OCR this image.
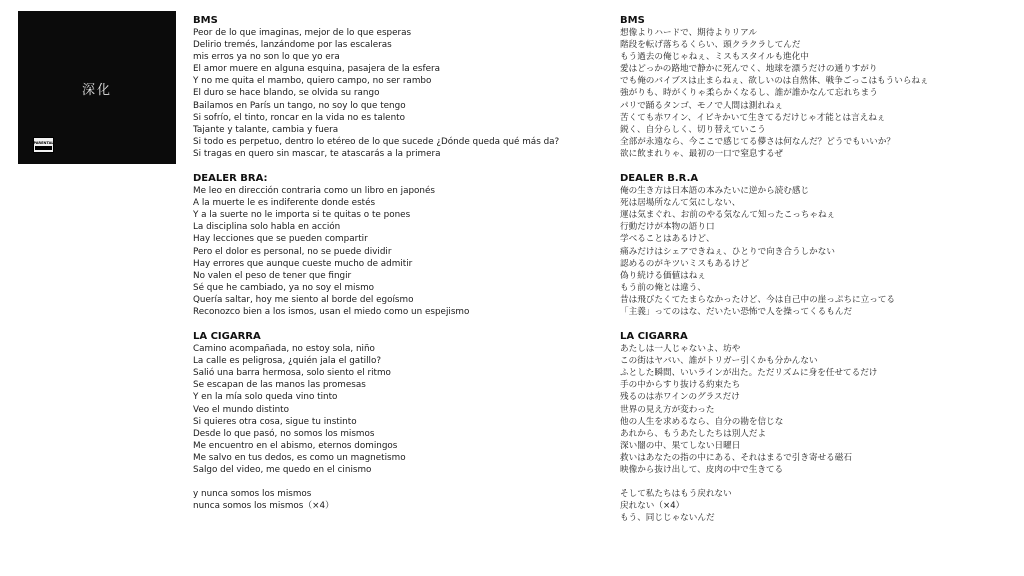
深化
PARENTAL
BMS
Peor de lo que imaginas, mejor de lo que esperas
Delirio tremés, lanzándome por las escaleras
mis erros ya no son lo que yo era
El amor muere en alguna esquina, pasajera de la esfera
Y no me quita el mambo, quiero campo, no ser rambo
El duro se hace blando, se olvida su rango
Bailamos en París un tango, no soy lo que tengo
Si sofrío, el tinto, roncar en la vida no es talento
Tajante y talante, cambia y fuera
Si todo es perpetuo, dentro lo etéreo de lo que sucede ¿Dónde queda qué más da?
Si tragas en quero sin mascar, te atascarás a la primera
DEALER BRA:
Me leo en dirección contraria como un libro en japonés
A la muerte le es indiferente donde estés
Y a la suerte no le importa si te quitas o te pones
La disciplina solo habla en acción
Hay lecciones que se pueden compartir
Pero el dolor es personal, no se puede dividir
Hay errores que aunque cueste mucho de admitir
No valen el peso de tener que fingir
Sé que he cambiado, ya no soy el mismo
Quería saltar, hoy me siento al borde del egoísmo
Reconozco bien a los ismos, usan el miedo como un espejismo
LA CIGARRA
Camino acompañada, no estoy sola, niño
La calle es peligrosa, ¿quién jala el gatillo?
Salió una barra hermosa, solo siento el ritmo
Se escapan de las manos las promesas
Y en la mía solo queda vino tinto
Veo el mundo distinto
Si quieres otra cosa, sigue tu instinto
Desde lo que pasó, no somos los mismos
Me encuentro en el abismo, eternos domingos
Me salvo en tus dedos, es como un magnetismo
Salgo del video, me quedo en el cinismo
y nunca somos los mismos
nunca somos los mismos（×4）
BMS
想像よりハードで、期待よりリアル
階段を転げ落ちるくらい、頭クラクラしてんだ
もう過去の俺じゃねぇ、ミスもスタイルも進化中
愛はどっかの路地で静かに死んでく、地球を漂うだけの通りすがり
でも俺のバイブスは止まらねぇ、欲しいのは自然体、戦争ごっこはもういらねぇ
強がりも、時がくりゃ柔らかくなるし、誰が誰かなんて忘れちまう
パリで踊るタンゴ、モノで人間は測れねぇ
苦くても赤ワイン、イビキかいて生きてるだけじゃ才能とは言えねぇ
鋭く、自分らしく、切り替えていこう
全部が永遠なら、今ここで感じてる儚さは何なんだ？どうでもいいか？
欲に飲まれりゃ、最初の一口で窒息するぜ
DEALER B.R.A
俺の生き方は日本語の本みたいに逆から読む感じ
死は居場所なんて気にしない、
運は気まぐれ、お前のやる気なんて知ったこっちゃねぇ
行動だけが本物の語り口
学べることはあるけど、
痛みだけはシェアできねぇ、ひとりで向き合うしかない
認めるのがキツいミスもあるけど
偽り続ける価値はねぇ
もう前の俺とは違う、
昔は飛びたくてたまらなかったけど、今は自己中の崖っぷちに立ってる
「主義」ってのはな、だいたい恐怖で人を操ってくるもんだ
LA CIGARRA
あたしは一人じゃないよ、坊や
この街はヤバい、誰がトリガー引くかも分かんない
ふとした瞬間、いいラインが出た。ただリズムに身を任せてるだけ
手の中からすり抜ける約束たち
残るのは赤ワインのグラスだけ
世界の見え方が変わった
他の人生を求めるなら、自分の勘を信じな
あれから、もうあたしたちは別人だよ
深い闇の中、果てしない日曜日
救いはあなたの指の中にある、それはまるで引き寄せる磁石
映像から抜け出して、皮肉の中で生きてる
そして私たちはもう戻れない
戻れない（×4）
もう、同じじゃないんだ
